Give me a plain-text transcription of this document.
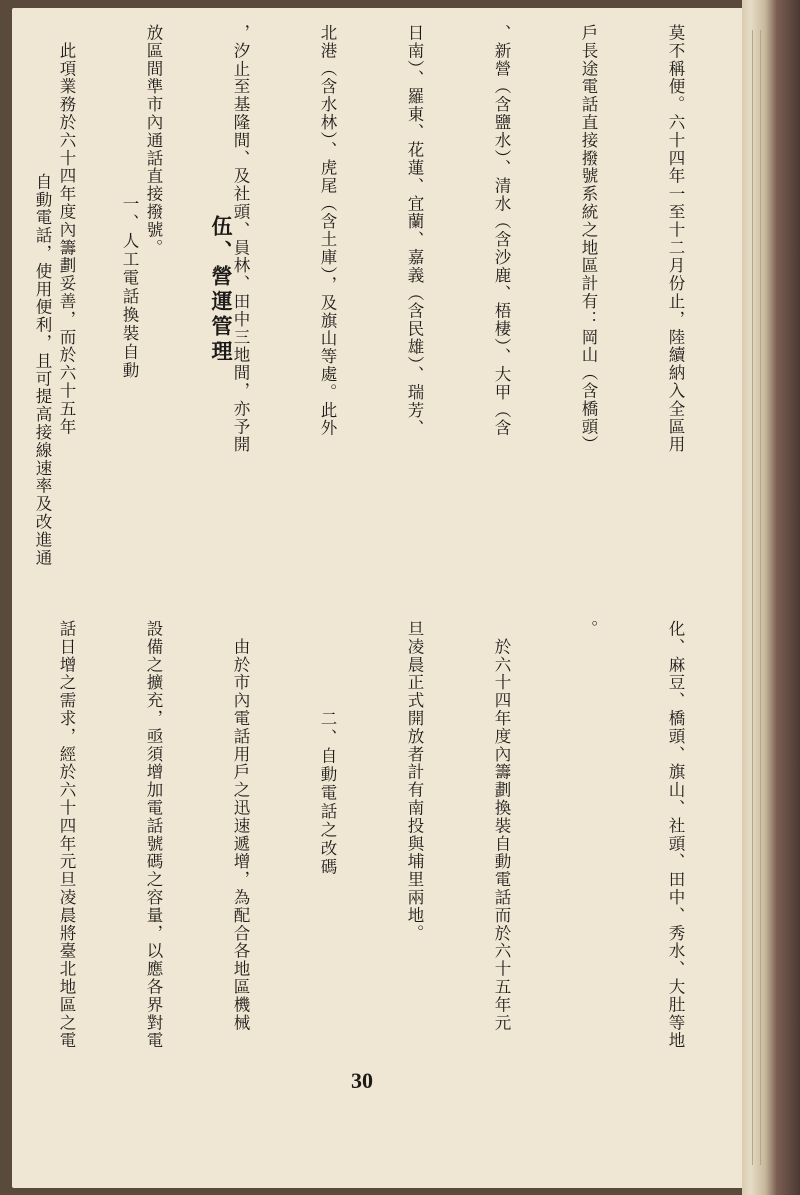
莫不稱便。六十四年一至十二月份止，陸續納入全區用

戶長途電話直接撥號系統之地區計有：岡山（含橋頭）

、新營（含鹽水）、清水（含沙鹿、梧棲）、大甲（含

日南）、羅東、花蓮、宜蘭、嘉義（含民雄）、瑞芳、

北港（含水林）、虎尾（含土庫），及旗山等處。此外

，汐止至基隆間、及社頭、員林、田中三地間，亦予開

放區間準市內通話直接撥號。

　此項業務於六十四年度內籌劃妥善，而於六十五年

	伍、營運管理

一、人工電話換裝自動

　自動電話，使用便利，且可提高接線速率及改進通

化、麻豆、橋頭、旗山、社頭、田中、秀水、大肚等地

。

　於六十四年度內籌劃換裝自動電話而於六十五年元

旦凌晨正式開放者計有南投與埔里兩地。

二、自動電話之改碼

　由於市內電話用戶之迅速遞增，為配合各地區機械

設備之擴充，亟須增加電話號碼之容量，以應各界對電

話日增之需求，經於六十四年元旦凌晨將臺北地區之電

30
